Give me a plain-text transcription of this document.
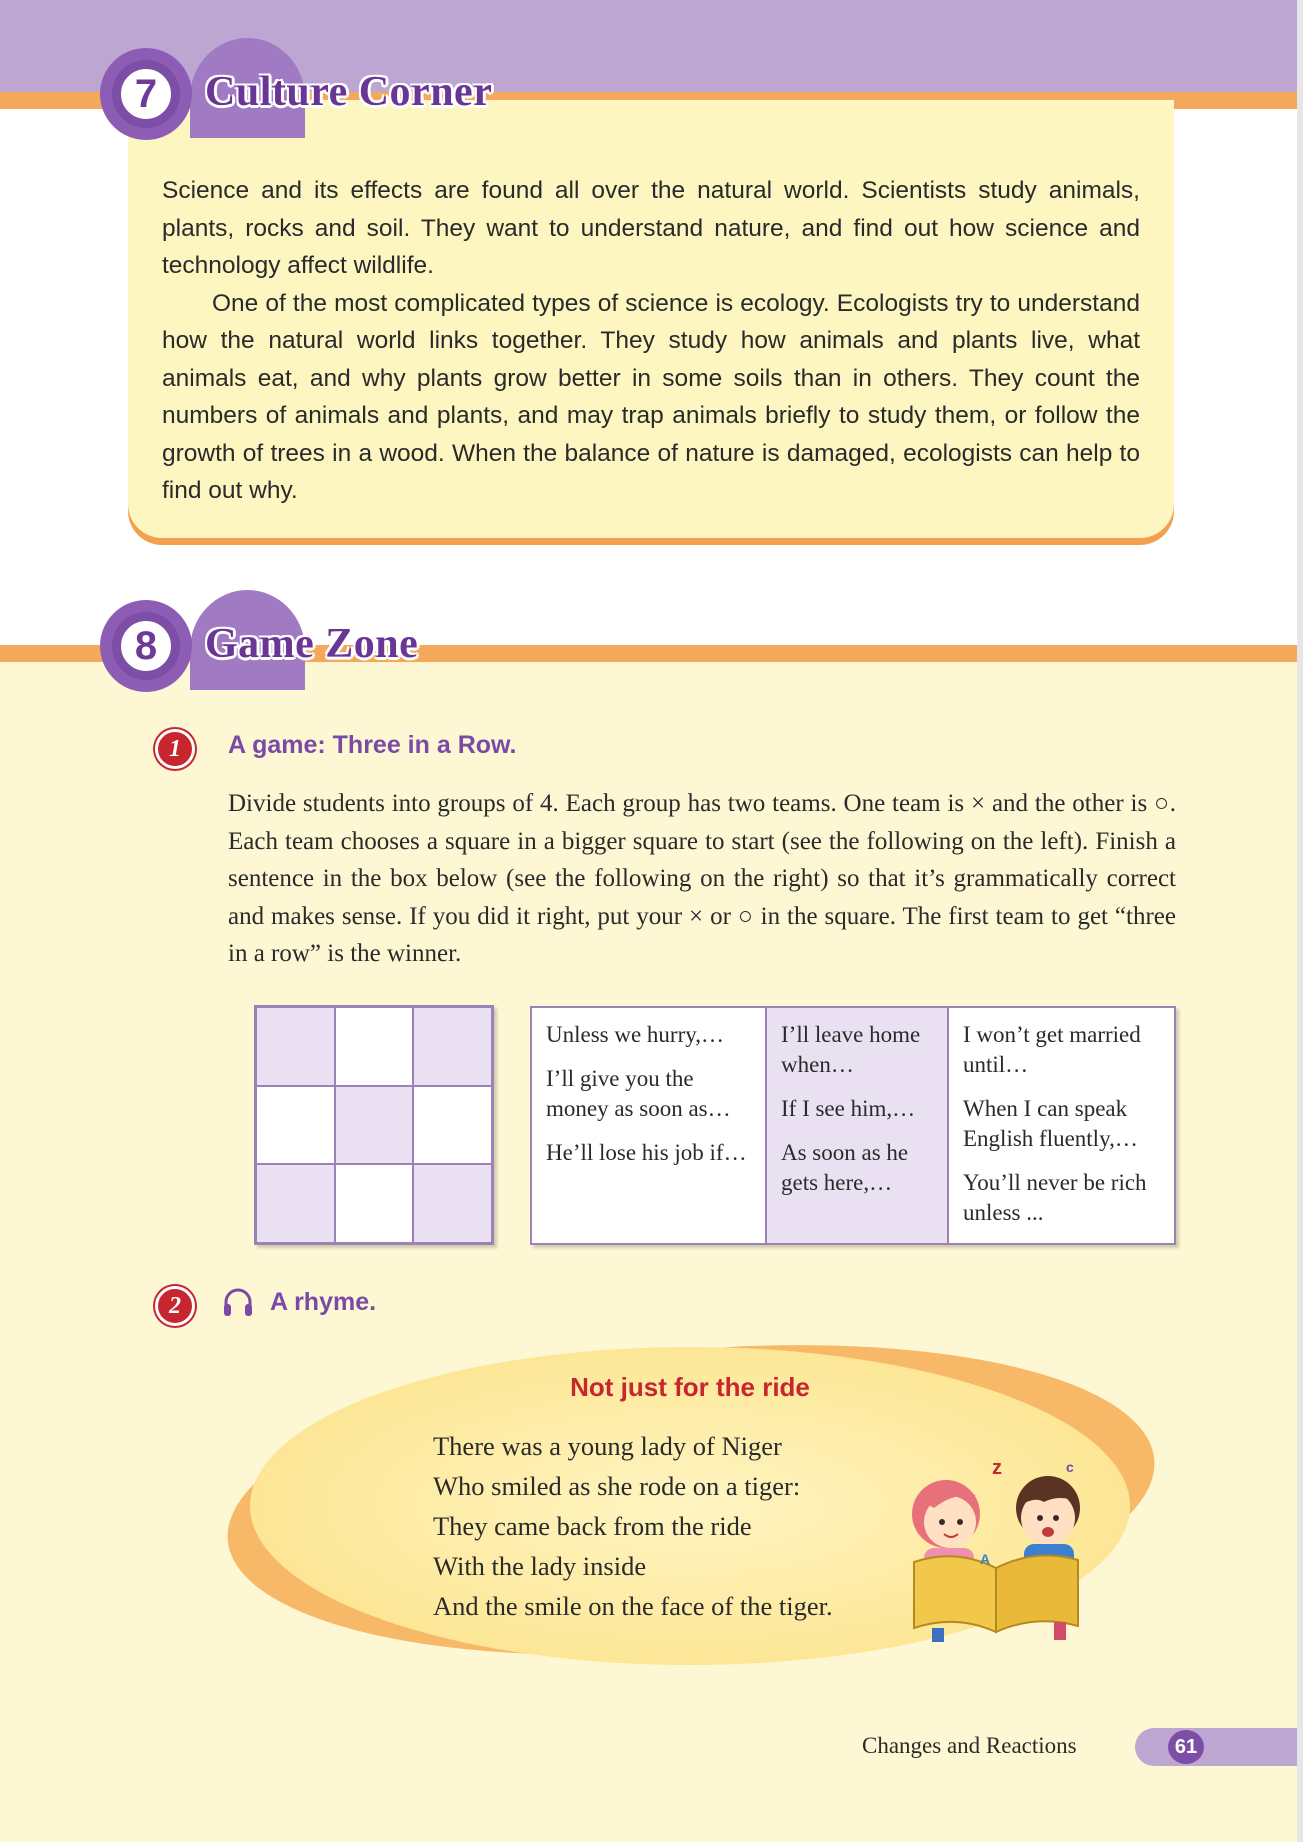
7	Culture Corner

Science and its effects are found all over the natural world. Scientists study animals, plants, rocks and soil. They want to understand nature, and find out how science and technology affect wildlife.

One of the most complicated types of science is ecology. Ecologists try to understand how the natural world links together. They study how animals and plants live, what animals eat, and why plants grow better in some soils than in others. They count the numbers of animals and plants, and may trap animals briefly to study them, or follow the growth of trees in a wood. When the balance of nature is damaged, ecologists can help to find out why.

8	Game Zone
1	A game: Three in a Row.
Divide students into groups of 4. Each group has two teams. One team is × and the other is ○. Each team chooses a square in a bigger square to start (see the following on the left). Finish a sentence in the box below (see the following on the right) so that it’s grammatically correct and makes sense. If you did it right, put your × or ○ in the square. The first team to get “three in a row” is the winner.

Unless we hurry,…

I’ll give you the money as soon as…

He’ll lose his job if…

I’ll leave home when…

If I see him,…

As soon as he gets here,…

I won’t get married until…

When I can speak English fluently,…

You’ll never be rich unless ...

2	A rhyme.
Not just for the ride
There was a young lady of Niger
Who smiled as she rode on a tiger:
They came back from the ride
With the lady inside
And the smile on the face of the tiger.
z	c
A
Changes and Reactions	61
